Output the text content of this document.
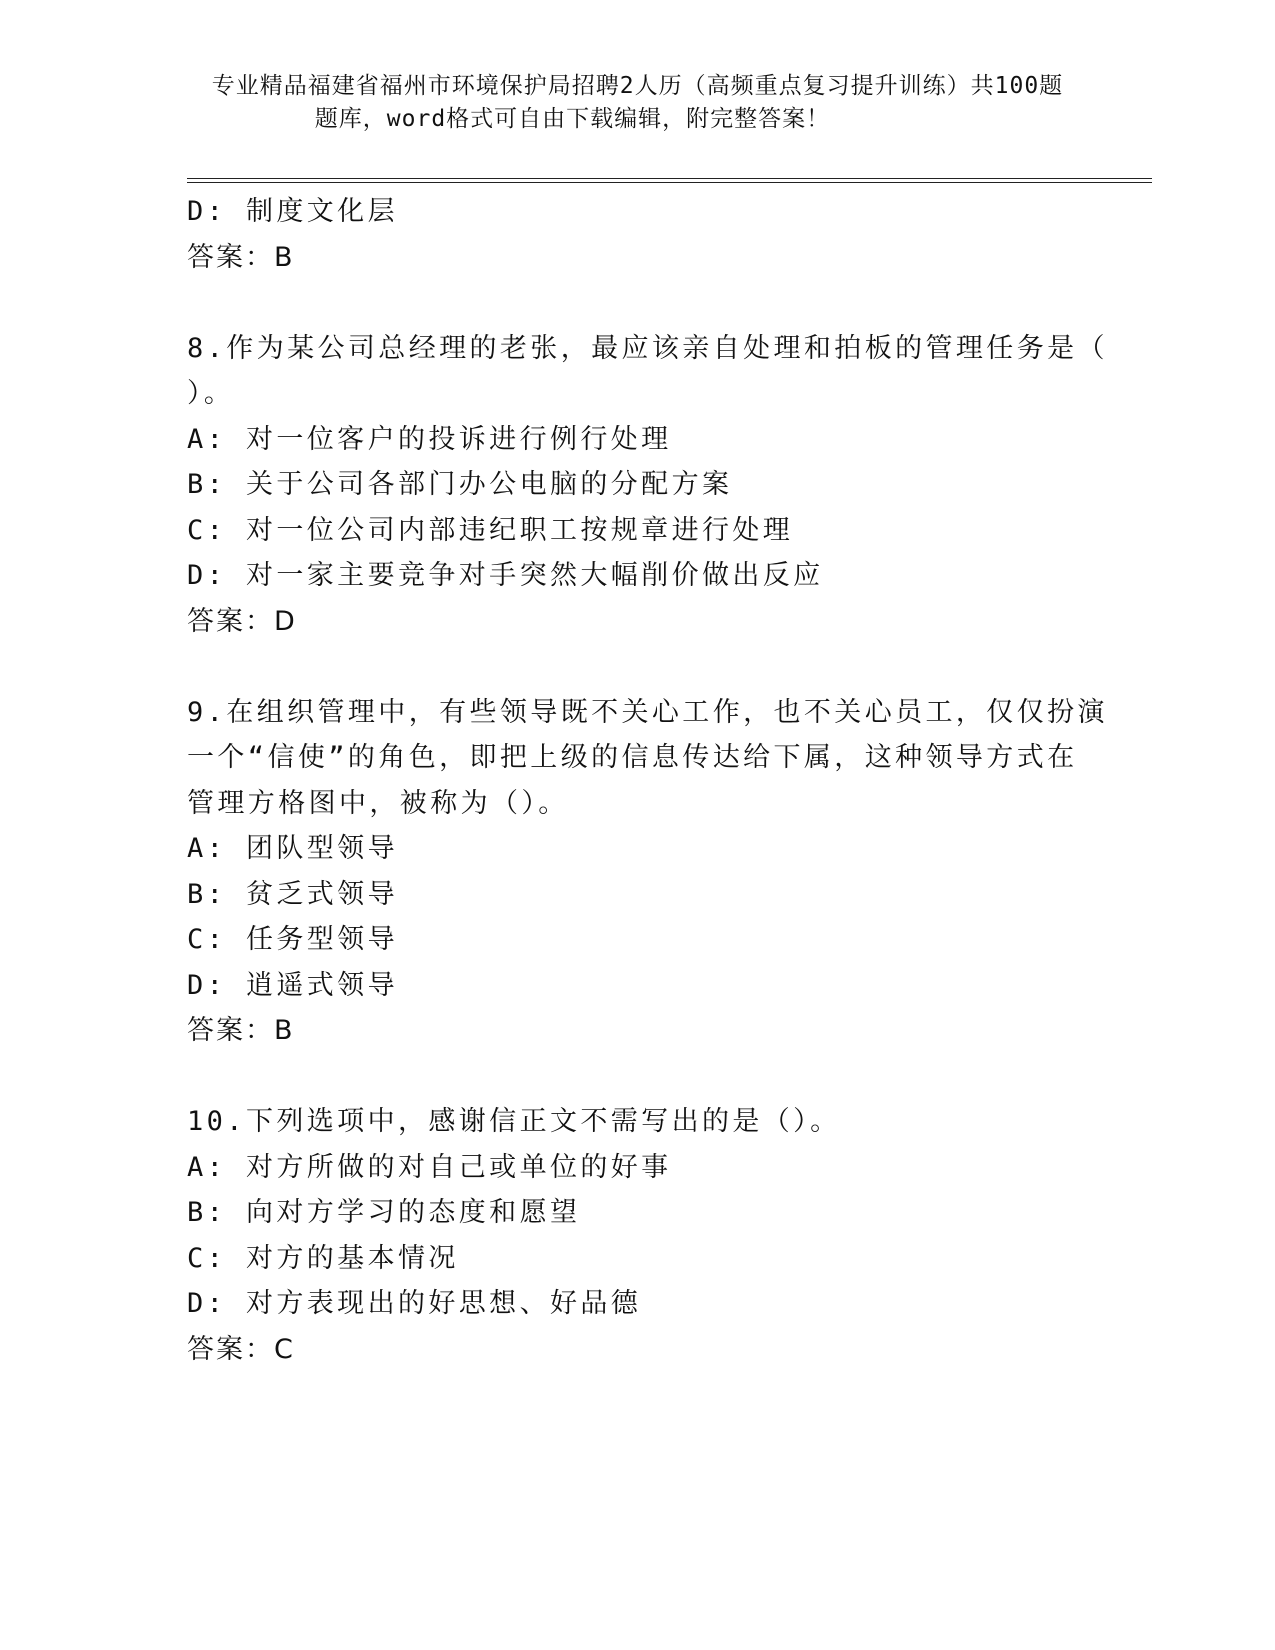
专业精品福建省福州市环境保护局招聘2人历（高频重点复习提升训练）共100题
题库，word格式可自由下载编辑，附完整答案！
D: 制度文化层
答案：B
8.作为某公司总经理的老张，最应该亲自处理和拍板的管理任务是（
）。
A: 对一位客户的投诉进行例行处理
B: 关于公司各部门办公电脑的分配方案
C: 对一位公司内部违纪职工按规章进行处理
D: 对一家主要竞争对手突然大幅削价做出反应
答案：D
9.在组织管理中，有些领导既不关心工作，也不关心员工，仅仅扮演
一个“信使”的角色，即把上级的信息传达给下属，这种领导方式在
管理方格图中，被称为（）。
A: 团队型领导
B: 贫乏式领导
C: 任务型领导
D: 逍遥式领导
答案：B
10.下列选项中，感谢信正文不需写出的是（）。
A: 对方所做的对自己或单位的好事
B: 向对方学习的态度和愿望
C: 对方的基本情况
D: 对方表现出的好思想、好品德
答案：C
